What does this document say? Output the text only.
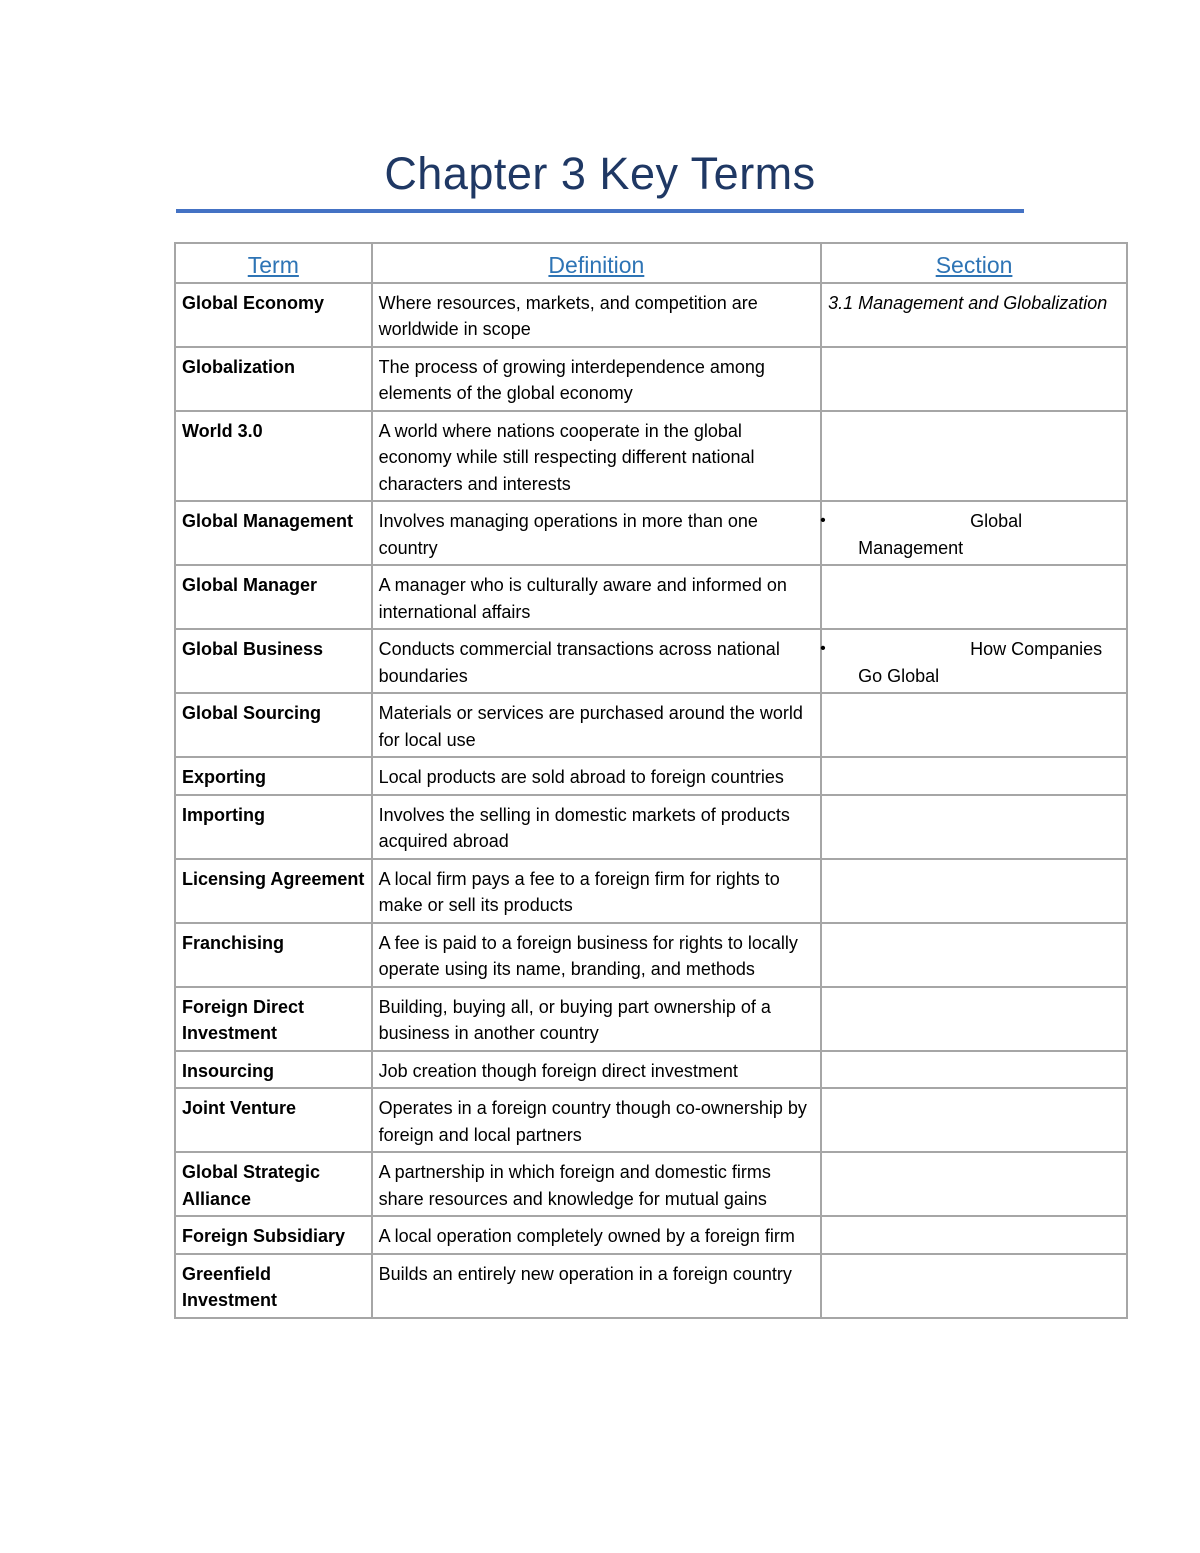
Chapter 3 Key Terms
Term	Definition	Section
Global Economy	Where resources, markets, and competition are worldwide in scope	3.1 Management and Globalization
Globalization	The process of growing interdependence among elements of the global economy	
World 3.0	A world where nations cooperate in the global economy while still respecting different national characters and interests	
Global Management	Involves managing operations in more than one country	• Global Management

Global Manager	A manager who is culturally aware and informed on international affairs	
Global Business	Conducts commercial transactions across national boundaries	• How Companies Go Global

Global Sourcing	Materials or services are purchased around the world for local use	
Exporting	Local products are sold abroad to foreign countries	
Importing	Involves the selling in domestic markets of products acquired abroad	
Licensing Agreement	A local firm pays a fee to a foreign firm for rights to make or sell its products	
Franchising	A fee is paid to a foreign business for rights to locally operate using its name, branding, and methods	
Foreign Direct Investment	Building, buying all, or buying part ownership of a business in another country	
Insourcing	Job creation though foreign direct investment	
Joint Venture	Operates in a foreign country though co-ownership by foreign and local partners	
Global Strategic Alliance	A partnership in which foreign and domestic firms share resources and knowledge for mutual gains	
Foreign Subsidiary	A local operation completely owned by a foreign firm	
Greenfield Investment	Builds an entirely new operation in a foreign country	
